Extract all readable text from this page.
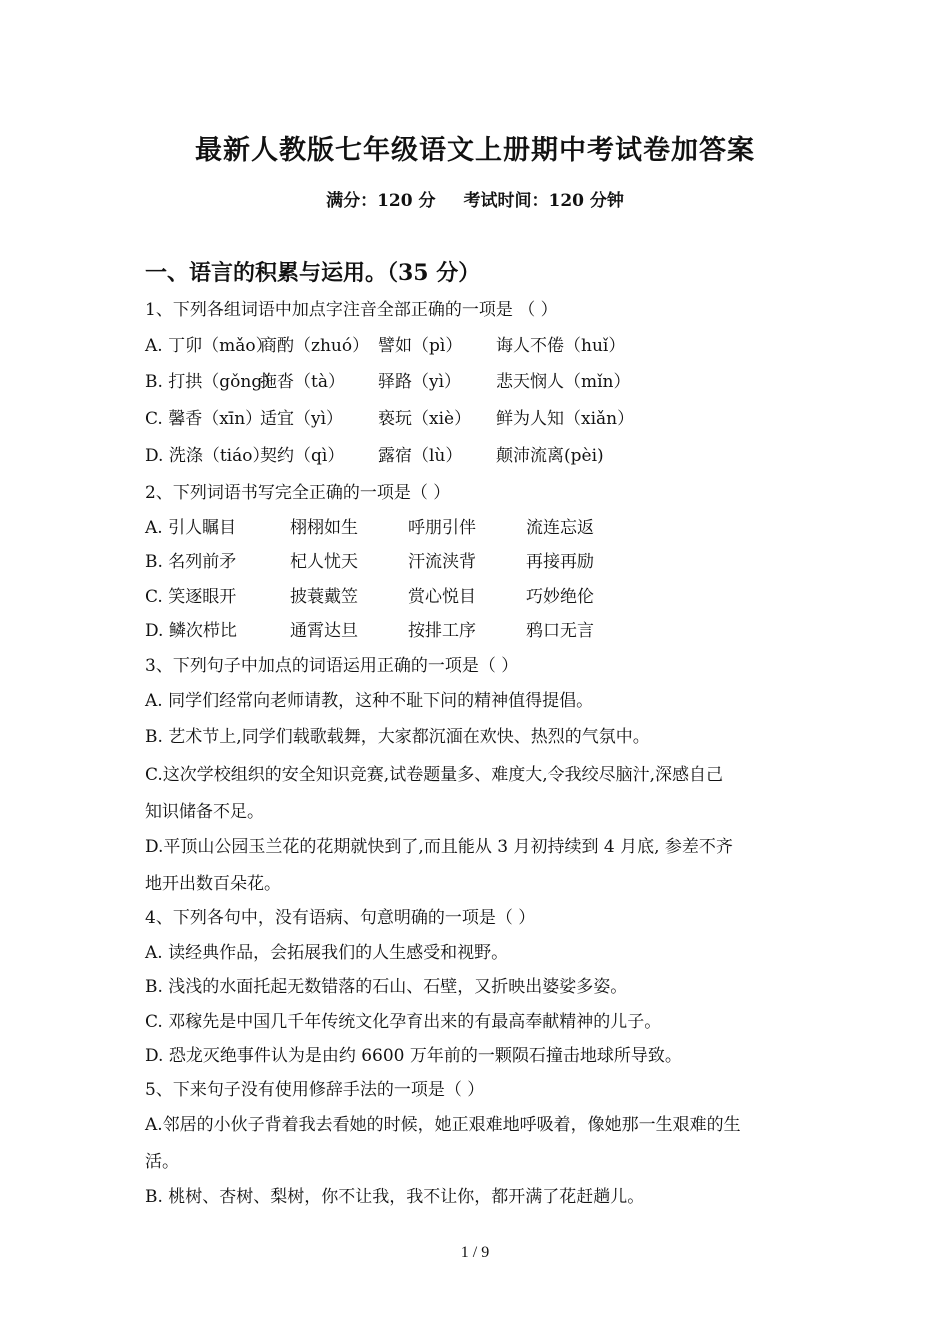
最新人教版七年级语文上册期中考试卷加答案
满分：120 分 考试时间：120 分钟
一、语言的积累与运用。（35 分）
1、下列各组词语中加点字注音全部正确的一项是 （ ）
A. 丁卯（mǎo）商酌（zhuó） 譬如（pì） 诲人不倦（huǐ）
B. 打拱（gǒng）拖沓（tà） 驿路（yì） 悲天悯人（mǐn）
C. 馨香（xīn）适宜（yì） 亵玩（xiè） 鲜为人知（xiǎn）
D. 洗涤（tiáo）契约（qì） 露宿（lù） 颠沛流离(pèi)
2、下列词语书写完全正确的一项是（ ）
A. 引人瞩目	栩栩如生	呼朋引伴	流连忘返
B. 名列前矛	杞人忧天	汗流浃背	再接再励
C. 笑逐眼开	披蓑戴笠	赏心悦目	巧妙绝伦
D. 鳞次栉比	通霄达旦	按排工序	鸦口无言
3、下列句子中加点的词语运用正确的一项是（ ）
A. 同学们经常向老师请教，这种不耻下问的精神值得提倡。
B. 艺术节上,同学们载歌载舞，大家都沉湎在欢快、热烈的气氛中。
C.这次学校组织的安全知识竞赛,试卷题量多、难度大,令我绞尽脑汁,深感自己
知识储备不足。
D.平顶山公园玉兰花的花期就快到了,而且能从 3 月初持续到 4 月底, 参差不齐
地开出数百朵花。
4、下列各句中，没有语病、句意明确的一项是（ ）
A. 读经典作品，会拓展我们的人生感受和视野。
B. 浅浅的水面托起无数错落的石山、石壁，又折映出婆娑多姿。
C. 邓稼先是中国几千年传统文化孕育出来的有最高奉献精神的儿子。
D. 恐龙灭绝事件认为是由约 6600 万年前的一颗陨石撞击地球所导致。
5、下来句子没有使用修辞手法的一项是（ ）
A.邻居的小伙子背着我去看她的时候，她正艰难地呼吸着，像她那一生艰难的生
活。
B. 桃树、杏树、梨树，你不让我，我不让你，都开满了花赶趟儿。
1 / 9
